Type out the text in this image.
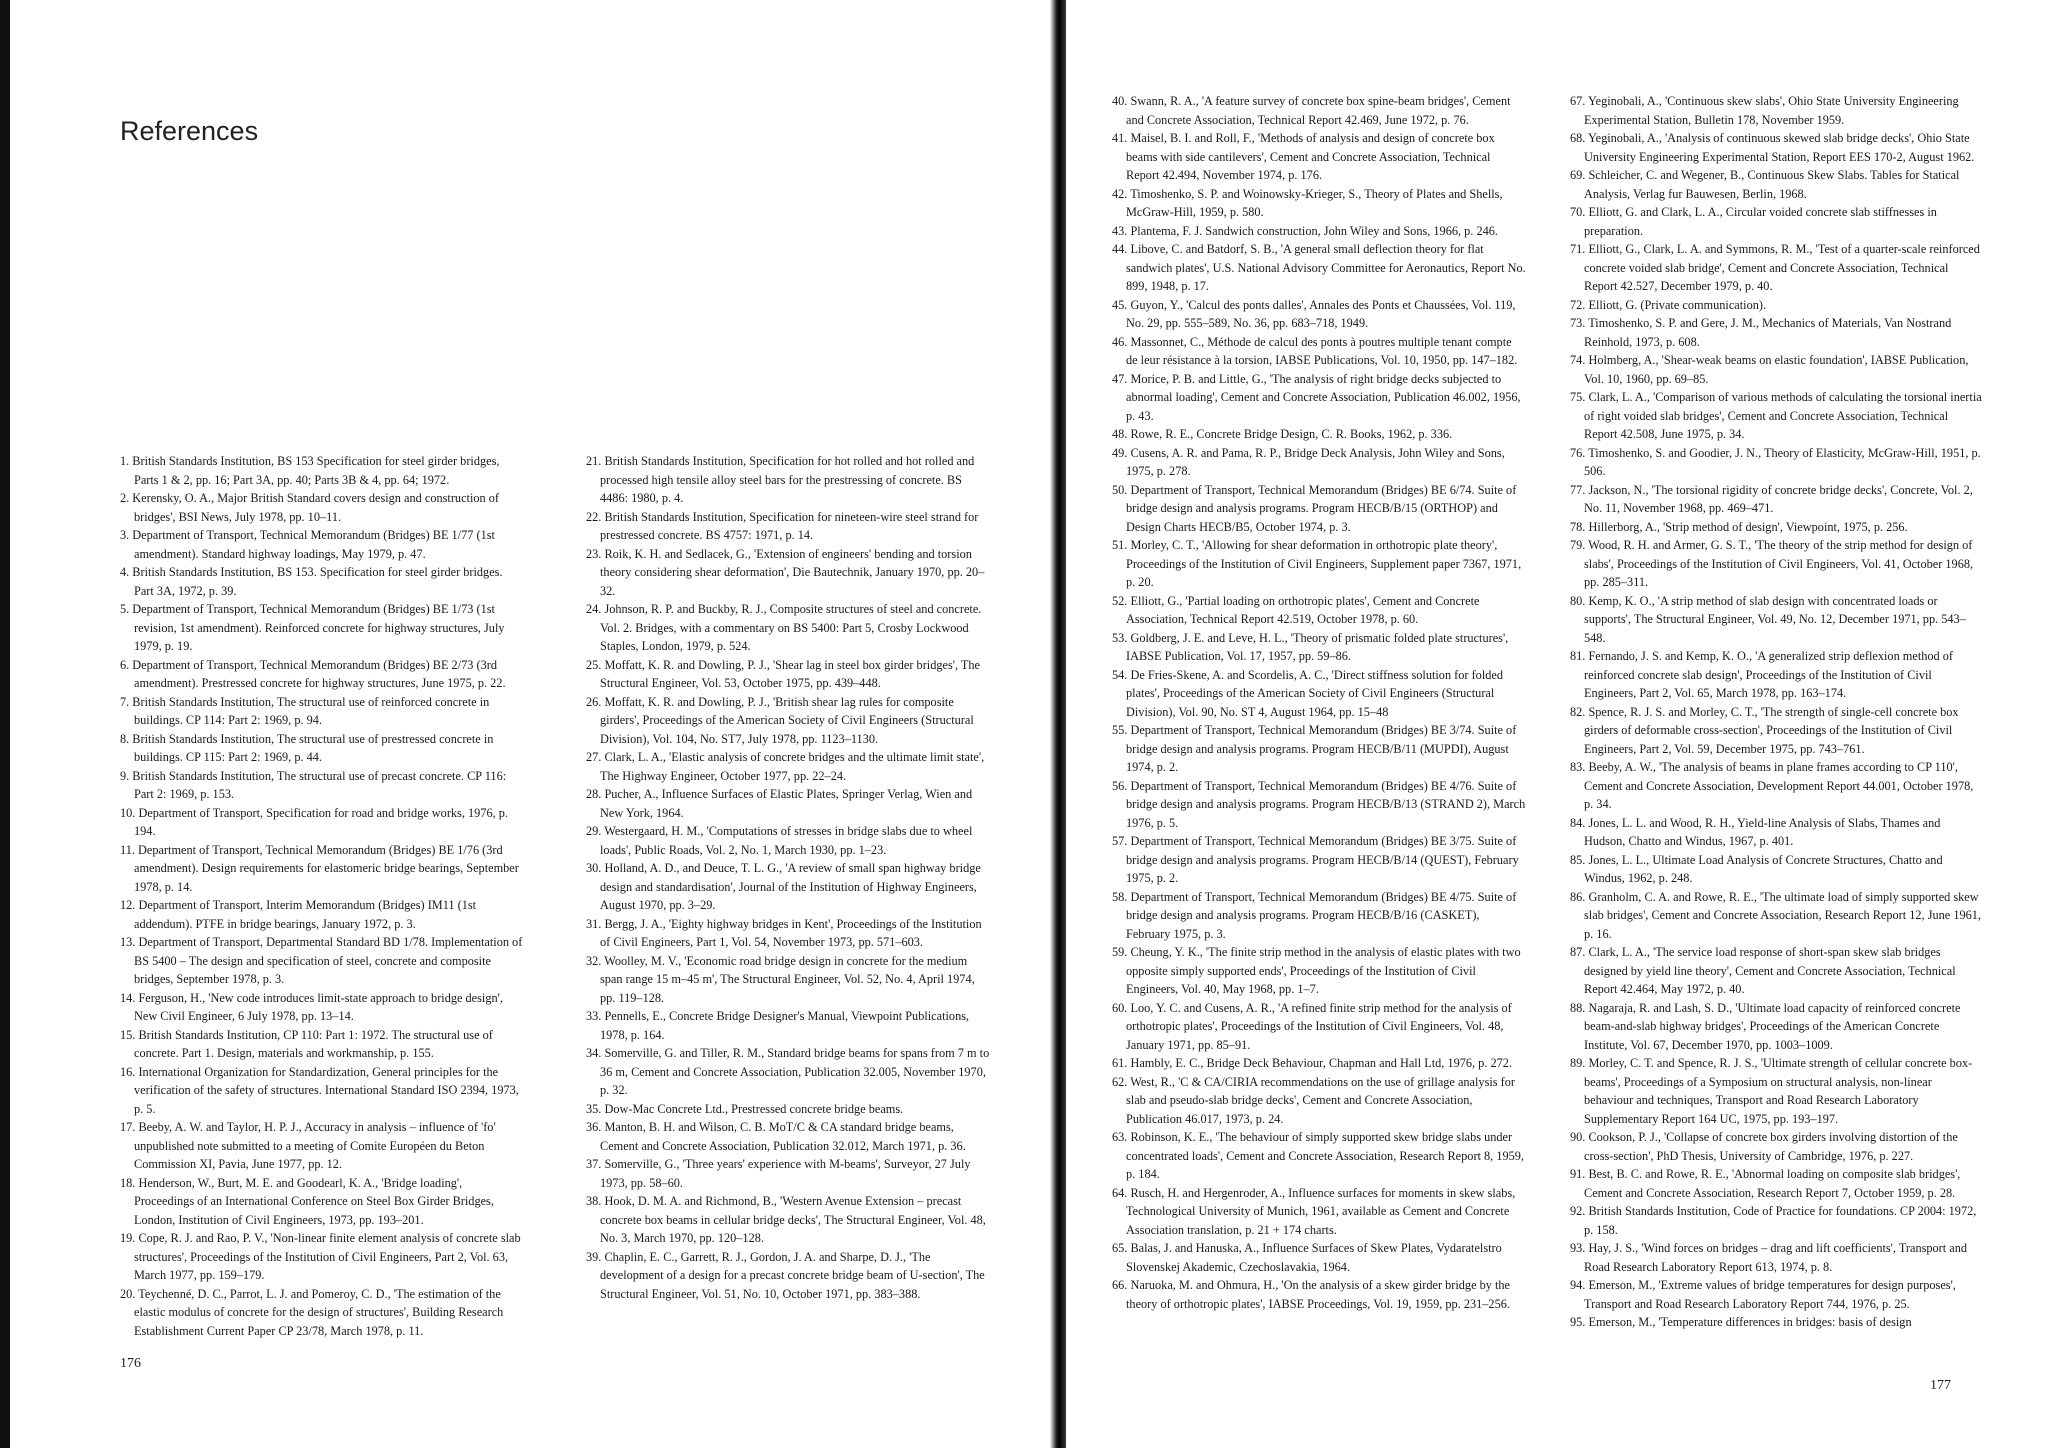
References

1. British Standards Institution, BS 153 Specification for steel girder bridges, Parts 1 & 2, pp. 16; Part 3A, pp. 40; Parts 3B & 4, pp. 64; 1972.

2. Kerensky, O. A., Major British Standard covers design and construction of bridges', BSI News, July 1978, pp. 10–11.

3. Department of Transport, Technical Memorandum (Bridges) BE 1/77 (1st amendment). Standard highway loadings, May 1979, p. 47.

4. British Standards Institution, BS 153. Specification for steel girder bridges. Part 3A, 1972, p. 39.

5. Department of Transport, Technical Memorandum (Bridges) BE 1/73 (1st revision, 1st amendment). Reinforced concrete for highway structures, July 1979, p. 19.

6. Department of Transport, Technical Memorandum (Bridges) BE 2/73 (3rd amendment). Prestressed concrete for highway structures, June 1975, p. 22.

7. British Standards Institution, The structural use of reinforced concrete in buildings. CP 114: Part 2: 1969, p. 94.

8. British Standards Institution, The structural use of prestressed concrete in buildings. CP 115: Part 2: 1969, p. 44.

9. British Standards Institution, The structural use of precast concrete. CP 116: Part 2: 1969, p. 153.

10. Department of Transport, Specification for road and bridge works, 1976, p. 194.

11. Department of Transport, Technical Memorandum (Bridges) BE 1/76 (3rd amendment). Design requirements for elastomeric bridge bearings, September 1978, p. 14.

12. Department of Transport, Interim Memorandum (Bridges) IM11 (1st addendum). PTFE in bridge bearings, January 1972, p. 3.

13. Department of Transport, Departmental Standard BD 1/78. Implementation of BS 5400 – The design and specification of steel, concrete and composite bridges, September 1978, p. 3.

14. Ferguson, H., 'New code introduces limit-state approach to bridge design', New Civil Engineer, 6 July 1978, pp. 13–14.

15. British Standards Institution, CP 110: Part 1: 1972. The structural use of concrete. Part 1. Design, materials and workmanship, p. 155.

16. International Organization for Standardization, General principles for the verification of the safety of structures. International Standard ISO 2394, 1973, p. 5.

17. Beeby, A. W. and Taylor, H. P. J., Accuracy in analysis – influence of 'fo' unpublished note submitted to a meeting of Comite Européen du Beton Commission XI, Pavia, June 1977, pp. 12.

18. Henderson, W., Burt, M. E. and Goodearl, K. A., 'Bridge loading', Proceedings of an International Conference on Steel Box Girder Bridges, London, Institution of Civil Engineers, 1973, pp. 193–201.

19. Cope, R. J. and Rao, P. V., 'Non-linear finite element analysis of concrete slab structures', Proceedings of the Institution of Civil Engineers, Part 2, Vol. 63, March 1977, pp. 159–179.

20. Teychenné, D. C., Parrot, L. J. and Pomeroy, C. D., 'The estimation of the elastic modulus of concrete for the design of structures', Building Research Establishment Current Paper CP 23/78, March 1978, p. 11.

21. British Standards Institution, Specification for hot rolled and hot rolled and processed high tensile alloy steel bars for the prestressing of concrete. BS 4486: 1980, p. 4.

22. British Standards Institution, Specification for nineteen-wire steel strand for prestressed concrete. BS 4757: 1971, p. 14.

23. Roik, K. H. and Sedlacek, G., 'Extension of engineers' bending and torsion theory considering shear deformation', Die Bautechnik, January 1970, pp. 20–32.

24. Johnson, R. P. and Buckby, R. J., Composite structures of steel and concrete. Vol. 2. Bridges, with a commentary on BS 5400: Part 5, Crosby Lockwood Staples, London, 1979, p. 524.

25. Moffatt, K. R. and Dowling, P. J., 'Shear lag in steel box girder bridges', The Structural Engineer, Vol. 53, October 1975, pp. 439–448.

26. Moffatt, K. R. and Dowling, P. J., 'British shear lag rules for composite girders', Proceedings of the American Society of Civil Engineers (Structural Division), Vol. 104, No. ST7, July 1978, pp. 1123–1130.

27. Clark, L. A., 'Elastic analysis of concrete bridges and the ultimate limit state', The Highway Engineer, October 1977, pp. 22–24.

28. Pucher, A., Influence Surfaces of Elastic Plates, Springer Verlag, Wien and New York, 1964.

29. Westergaard, H. M., 'Computations of stresses in bridge slabs due to wheel loads', Public Roads, Vol. 2, No. 1, March 1930, pp. 1–23.

30. Holland, A. D., and Deuce, T. L. G., 'A review of small span highway bridge design and standardisation', Journal of the Institution of Highway Engineers, August 1970, pp. 3–29.

31. Bergg, J. A., 'Eighty highway bridges in Kent', Proceedings of the Institution of Civil Engineers, Part 1, Vol. 54, November 1973, pp. 571–603.

32. Woolley, M. V., 'Economic road bridge design in concrete for the medium span range 15 m–45 m', The Structural Engineer, Vol. 52, No. 4, April 1974, pp. 119–128.

33. Pennells, E., Concrete Bridge Designer's Manual, Viewpoint Publications, 1978, p. 164.

34. Somerville, G. and Tiller, R. M., Standard bridge beams for spans from 7 m to 36 m, Cement and Concrete Association, Publication 32.005, November 1970, p. 32.

35. Dow-Mac Concrete Ltd., Prestressed concrete bridge beams.

36. Manton, B. H. and Wilson, C. B. MoT/C & CA standard bridge beams, Cement and Concrete Association, Publication 32.012, March 1971, p. 36.

37. Somerville, G., 'Three years' experience with M-beams', Surveyor, 27 July 1973, pp. 58–60.

38. Hook, D. M. A. and Richmond, B., 'Western Avenue Extension – precast concrete box beams in cellular bridge decks', The Structural Engineer, Vol. 48, No. 3, March 1970, pp. 120–128.

39. Chaplin, E. C., Garrett, R. J., Gordon, J. A. and Sharpe, D. J., 'The development of a design for a precast concrete bridge beam of U-section', The Structural Engineer, Vol. 51, No. 10, October 1971, pp. 383–388.

176

40. Swann, R. A., 'A feature survey of concrete box spine-beam bridges', Cement and Concrete Association, Technical Report 42.469, June 1972, p. 76.

41. Maisel, B. I. and Roll, F., 'Methods of analysis and design of concrete box beams with side cantilevers', Cement and Concrete Association, Technical Report 42.494, November 1974, p. 176.

42. Timoshenko, S. P. and Woinowsky-Krieger, S., Theory of Plates and Shells, McGraw-Hill, 1959, p. 580.

43. Plantema, F. J. Sandwich construction, John Wiley and Sons, 1966, p. 246.

44. Libove, C. and Batdorf, S. B., 'A general small deflection theory for flat sandwich plates', U.S. National Advisory Committee for Aeronautics, Report No. 899, 1948, p. 17.

45. Guyon, Y., 'Calcul des ponts dalles', Annales des Ponts et Chaussées, Vol. 119, No. 29, pp. 555–589, No. 36, pp. 683–718, 1949.

46. Massonnet, C., Méthode de calcul des ponts à poutres multiple tenant compte de leur résistance à la torsion, IABSE Publications, Vol. 10, 1950, pp. 147–182.

47. Morice, P. B. and Little, G., 'The analysis of right bridge decks subjected to abnormal loading', Cement and Concrete Association, Publication 46.002, 1956, p. 43.

48. Rowe, R. E., Concrete Bridge Design, C. R. Books, 1962, p. 336.

49. Cusens, A. R. and Pama, R. P., Bridge Deck Analysis, John Wiley and Sons, 1975, p. 278.

50. Department of Transport, Technical Memorandum (Bridges) BE 6/74. Suite of bridge design and analysis programs. Program HECB/B/15 (ORTHOP) and Design Charts HECB/B5, October 1974, p. 3.

51. Morley, C. T., 'Allowing for shear deformation in orthotropic plate theory', Proceedings of the Institution of Civil Engineers, Supplement paper 7367, 1971, p. 20.

52. Elliott, G., 'Partial loading on orthotropic plates', Cement and Concrete Association, Technical Report 42.519, October 1978, p. 60.

53. Goldberg, J. E. and Leve, H. L., 'Theory of prismatic folded plate structures', IABSE Publication, Vol. 17, 1957, pp. 59–86.

54. De Fries-Skene, A. and Scordelis, A. C., 'Direct stiffness solution for folded plates', Proceedings of the American Society of Civil Engineers (Structural Division), Vol. 90, No. ST 4, August 1964, pp. 15–48

55. Department of Transport, Technical Memorandum (Bridges) BE 3/74. Suite of bridge design and analysis programs. Program HECB/B/11 (MUPDI), August 1974, p. 2.

56. Department of Transport, Technical Memorandum (Bridges) BE 4/76. Suite of bridge design and analysis programs. Program HECB/B/13 (STRAND 2), March 1976, p. 5.

57. Department of Transport, Technical Memorandum (Bridges) BE 3/75. Suite of bridge design and analysis programs. Program HECB/B/14 (QUEST), February 1975, p. 2.

58. Department of Transport, Technical Memorandum (Bridges) BE 4/75. Suite of bridge design and analysis programs. Program HECB/B/16 (CASKET), February 1975, p. 3.

59. Cheung, Y. K., 'The finite strip method in the analysis of elastic plates with two opposite simply supported ends', Proceedings of the Institution of Civil Engineers, Vol. 40, May 1968, pp. 1–7.

60. Loo, Y. C. and Cusens, A. R., 'A refined finite strip method for the analysis of orthotropic plates', Proceedings of the Institution of Civil Engineers, Vol. 48, January 1971, pp. 85–91.

61. Hambly, E. C., Bridge Deck Behaviour, Chapman and Hall Ltd, 1976, p. 272.

62. West, R., 'C & CA/CIRIA recommendations on the use of grillage analysis for slab and pseudo-slab bridge decks', Cement and Concrete Association, Publication 46.017, 1973, p. 24.

63. Robinson, K. E., 'The behaviour of simply supported skew bridge slabs under concentrated loads', Cement and Concrete Association, Research Report 8, 1959, p. 184.

64. Rusch, H. and Hergenroder, A., Influence surfaces for moments in skew slabs, Technological University of Munich, 1961, available as Cement and Concrete Association translation, p. 21 + 174 charts.

65. Balas, J. and Hanuska, A., Influence Surfaces of Skew Plates, Vydaratelstro Slovenskej Akademic, Czechoslavakia, 1964.

66. Naruoka, M. and Ohmura, H., 'On the analysis of a skew girder bridge by the theory of orthotropic plates', IABSE Proceedings, Vol. 19, 1959, pp. 231–256.

67. Yeginobali, A., 'Continuous skew slabs', Ohio State University Engineering Experimental Station, Bulletin 178, November 1959.

68. Yeginobali, A., 'Analysis of continuous skewed slab bridge decks', Ohio State University Engineering Experimental Station, Report EES 170-2, August 1962.

69. Schleicher, C. and Wegener, B., Continuous Skew Slabs. Tables for Statical Analysis, Verlag fur Bauwesen, Berlin, 1968.

70. Elliott, G. and Clark, L. A., Circular voided concrete slab stiffnesses in preparation.

71. Elliott, G., Clark, L. A. and Symmons, R. M., 'Test of a quarter-scale reinforced concrete voided slab bridge', Cement and Concrete Association, Technical Report 42.527, December 1979, p. 40.

72. Elliott, G. (Private communication).

73. Timoshenko, S. P. and Gere, J. M., Mechanics of Materials, Van Nostrand Reinhold, 1973, p. 608.

74. Holmberg, A., 'Shear-weak beams on elastic foundation', IABSE Publication, Vol. 10, 1960, pp. 69–85.

75. Clark, L. A., 'Comparison of various methods of calculating the torsional inertia of right voided slab bridges', Cement and Concrete Association, Technical Report 42.508, June 1975, p. 34.

76. Timoshenko, S. and Goodier, J. N., Theory of Elasticity, McGraw-Hill, 1951, p. 506.

77. Jackson, N., 'The torsional rigidity of concrete bridge decks', Concrete, Vol. 2, No. 11, November 1968, pp. 469–471.

78. Hillerborg, A., 'Strip method of design', Viewpoint, 1975, p. 256.

79. Wood, R. H. and Armer, G. S. T., 'The theory of the strip method for design of slabs', Proceedings of the Institution of Civil Engineers, Vol. 41, October 1968, pp. 285–311.

80. Kemp, K. O., 'A strip method of slab design with concentrated loads or supports', The Structural Engineer, Vol. 49, No. 12, December 1971, pp. 543–548.

81. Fernando, J. S. and Kemp, K. O., 'A generalized strip deflexion method of reinforced concrete slab design', Proceedings of the Institution of Civil Engineers, Part 2, Vol. 65, March 1978, pp. 163–174.

82. Spence, R. J. S. and Morley, C. T., 'The strength of single-cell concrete box girders of deformable cross-section', Proceedings of the Institution of Civil Engineers, Part 2, Vol. 59, December 1975, pp. 743–761.

83. Beeby, A. W., 'The analysis of beams in plane frames according to CP 110', Cement and Concrete Association, Development Report 44.001, October 1978, p. 34.

84. Jones, L. L. and Wood, R. H., Yield-line Analysis of Slabs, Thames and Hudson, Chatto and Windus, 1967, p. 401.

85. Jones, L. L., Ultimate Load Analysis of Concrete Structures, Chatto and Windus, 1962, p. 248.

86. Granholm, C. A. and Rowe, R. E., 'The ultimate load of simply supported skew slab bridges', Cement and Concrete Association, Research Report 12, June 1961, p. 16.

87. Clark, L. A., 'The service load response of short-span skew slab bridges designed by yield line theory', Cement and Concrete Association, Technical Report 42.464, May 1972, p. 40.

88. Nagaraja, R. and Lash, S. D., 'Ultimate load capacity of reinforced concrete beam-and-slab highway bridges', Proceedings of the American Concrete Institute, Vol. 67, December 1970, pp. 1003–1009.

89. Morley, C. T. and Spence, R. J. S., 'Ultimate strength of cellular concrete box-beams', Proceedings of a Symposium on structural analysis, non-linear behaviour and techniques, Transport and Road Research Laboratory Supplementary Report 164 UC, 1975, pp. 193–197.

90. Cookson, P. J., 'Collapse of concrete box girders involving distortion of the cross-section', PhD Thesis, University of Cambridge, 1976, p. 227.

91. Best, B. C. and Rowe, R. E., 'Abnormal loading on composite slab bridges', Cement and Concrete Association, Research Report 7, October 1959, p. 28.

92. British Standards Institution, Code of Practice for foundations. CP 2004: 1972, p. 158.

93. Hay, J. S., 'Wind forces on bridges – drag and lift coefficients', Transport and Road Research Laboratory Report 613, 1974, p. 8.

94. Emerson, M., 'Extreme values of bridge temperatures for design purposes', Transport and Road Research Laboratory Report 744, 1976, p. 25.

95. Emerson, M., 'Temperature differences in bridges: basis of design

177
